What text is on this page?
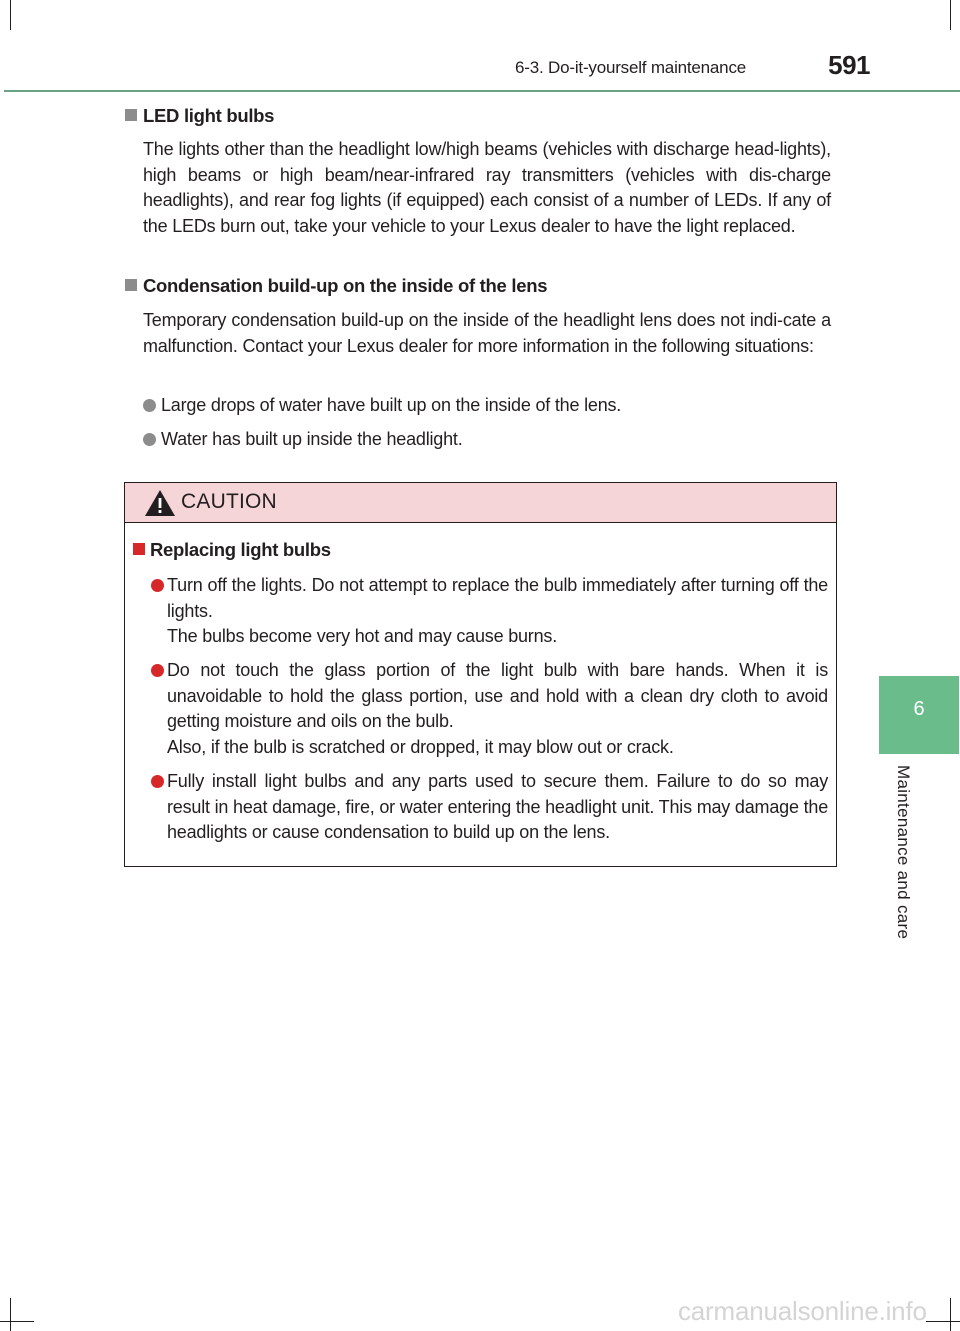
6-3. Do-it-yourself maintenance	591
6
Maintenance and care
LED light bulbs
The lights other than the headlight low/high beams (vehicles with discharge head-lights), high beams or high beam/near-infrared ray transmitters (vehicles with dis-charge headlights), and rear fog lights (if equipped) each consist of a number of LEDs. If any of the LEDs burn out, take your vehicle to your Lexus dealer to have the light replaced.
Condensation build-up on the inside of the lens
Temporary condensation build-up on the inside of the headlight lens does not indi-cate a malfunction. Contact your Lexus dealer for more information in the following situations:
Large drops of water have built up on the inside of the lens.
Water has built up inside the headlight.
CAUTION
Replacing light bulbs

Turn off the lights. Do not attempt to replace the bulb immediately after turning off the lights.

The bulbs become very hot and may cause burns.

Do not touch the glass portion of the light bulb with bare hands. When it is unavoidable to hold the glass portion, use and hold with a clean dry cloth to avoid getting moisture and oils on the bulb.

Also, if the bulb is scratched or dropped, it may blow out or crack.

Fully install light bulbs and any parts used to secure them. Failure to do so may result in heat damage, fire, or water entering the headlight unit. This may damage the headlights or cause condensation to build up on the lens.

carmanualsonline.info
